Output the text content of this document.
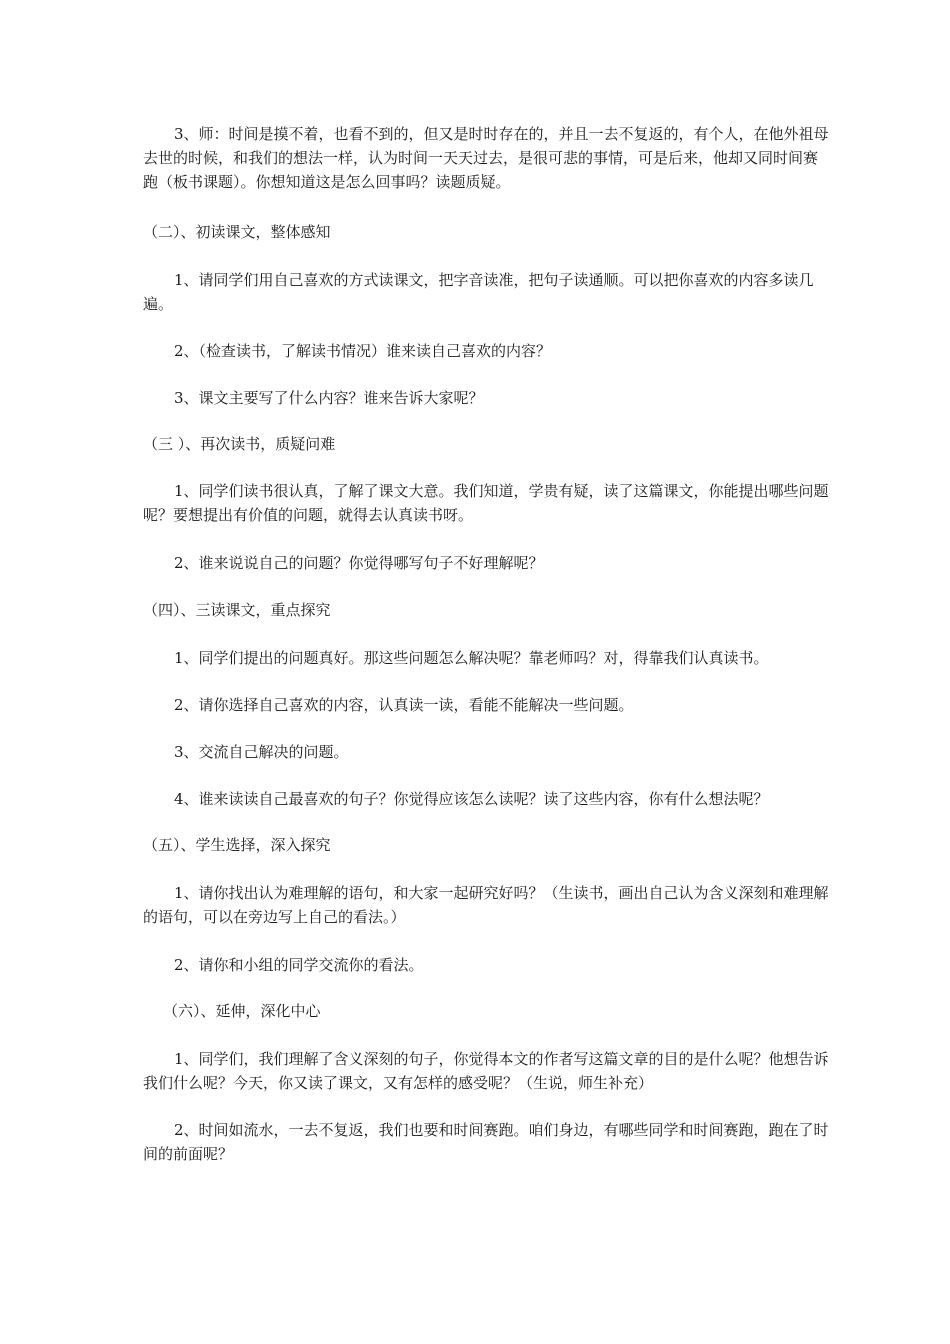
3、师：时间是摸不着，也看不到的，但又是时时存在的，并且一去不复返的，有个人，在他外祖母去世的时候，和我们的想法一样，认为时间一天天过去，是很可悲的事情，可是后来，他却又同时间赛跑（板书课题）。你想知道这是怎么回事吗？读题质疑。

（二）、初读课文，整体感知

1、请同学们用自己喜欢的方式读课文，把字音读准，把句子读通顺。可以把你喜欢的内容多读几遍。

2、（检查读书，了解读书情况）谁来读自己喜欢的内容？

3、课文主要写了什么内容？谁来告诉大家呢？

（三 ）、再次读书，质疑问难

1、同学们读书很认真，了解了课文大意。我们知道，学贵有疑，读了这篇课文，你能提出哪些问题呢？要想提出有价值的问题，就得去认真读书呀。

2、谁来说说自己的问题？你觉得哪写句子不好理解呢？

（四）、三读课文，重点探究

1、同学们提出的问题真好。那这些问题怎么解决呢？靠老师吗？对，得靠我们认真读书。

2、请你选择自己喜欢的内容，认真读一读，看能不能解决一些问题。

3、交流自己解决的问题。

4、谁来读读自己最喜欢的句子？你觉得应该怎么读呢？读了这些内容，你有什么想法呢？

（五）、学生选择，深入探究

1、请你找出认为难理解的语句，和大家一起研究好吗？（生读书，画出自己认为含义深刻和难理解的语句，可以在旁边写上自己的看法。）

2、请你和小组的同学交流你的看法。

（六）、延伸，深化中心

1、同学们，我们理解了含义深刻的句子，你觉得本文的作者写这篇文章的目的是什么呢？他想告诉我们什么呢？今天，你又读了课文，又有怎样的感受呢？（生说，师生补充）

2、时间如流水，一去不复返，我们也要和时间赛跑。咱们身边，有哪些同学和时间赛跑，跑在了时间的前面呢？
